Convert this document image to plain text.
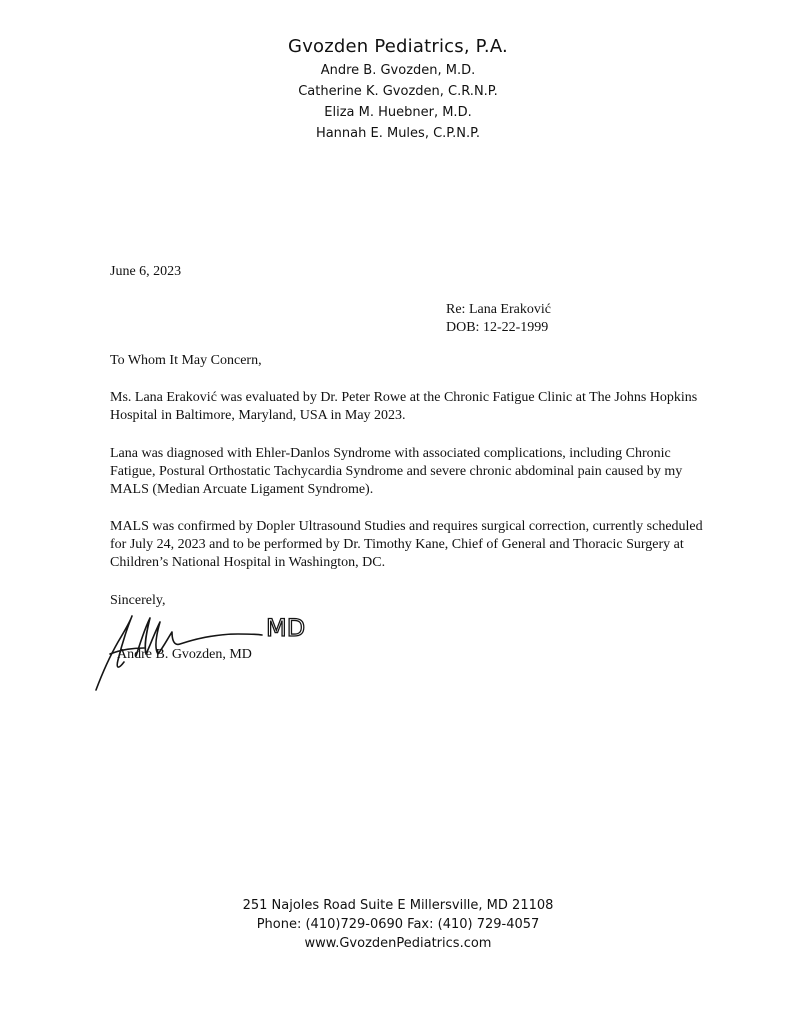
Gvozden Pediatrics, P.A.
Andre B. Gvozden, M.D.
Catherine K. Gvozden, C.R.N.P.
Eliza M. Huebner, M.D.
Hannah E. Mules, C.P.N.P.
June 6, 2023
Re: Lana Eraković
DOB: 12-22-1999
To Whom It May Concern,

Ms. Lana Eraković was evaluated by Dr. Peter Rowe at the Chronic Fatigue Clinic at The Johns Hopkins Hospital in Baltimore, Maryland, USA in May 2023.

Lana was diagnosed with Ehler-Danlos Syndrome with associated complications, including Chronic Fatigue, Postural Orthostatic Tachycardia Syndrome and severe chronic abdominal pain caused by my MALS (Median Arcuate Ligament Syndrome).

MALS was confirmed by Dopler Ultrasound Studies and requires surgical correction, currently scheduled for July 24, 2023 and to be performed by Dr. Timothy Kane, Chief of General and Thoracic Surgery at Children’s National Hospital in Washington, DC.

Sincerely,
Andre B. Gvozden, MD
MD
251 Najoles Road Suite E Millersville, MD 21108
Phone: (410)729-0690 Fax: (410) 729-4057
www.GvozdenPediatrics.com
